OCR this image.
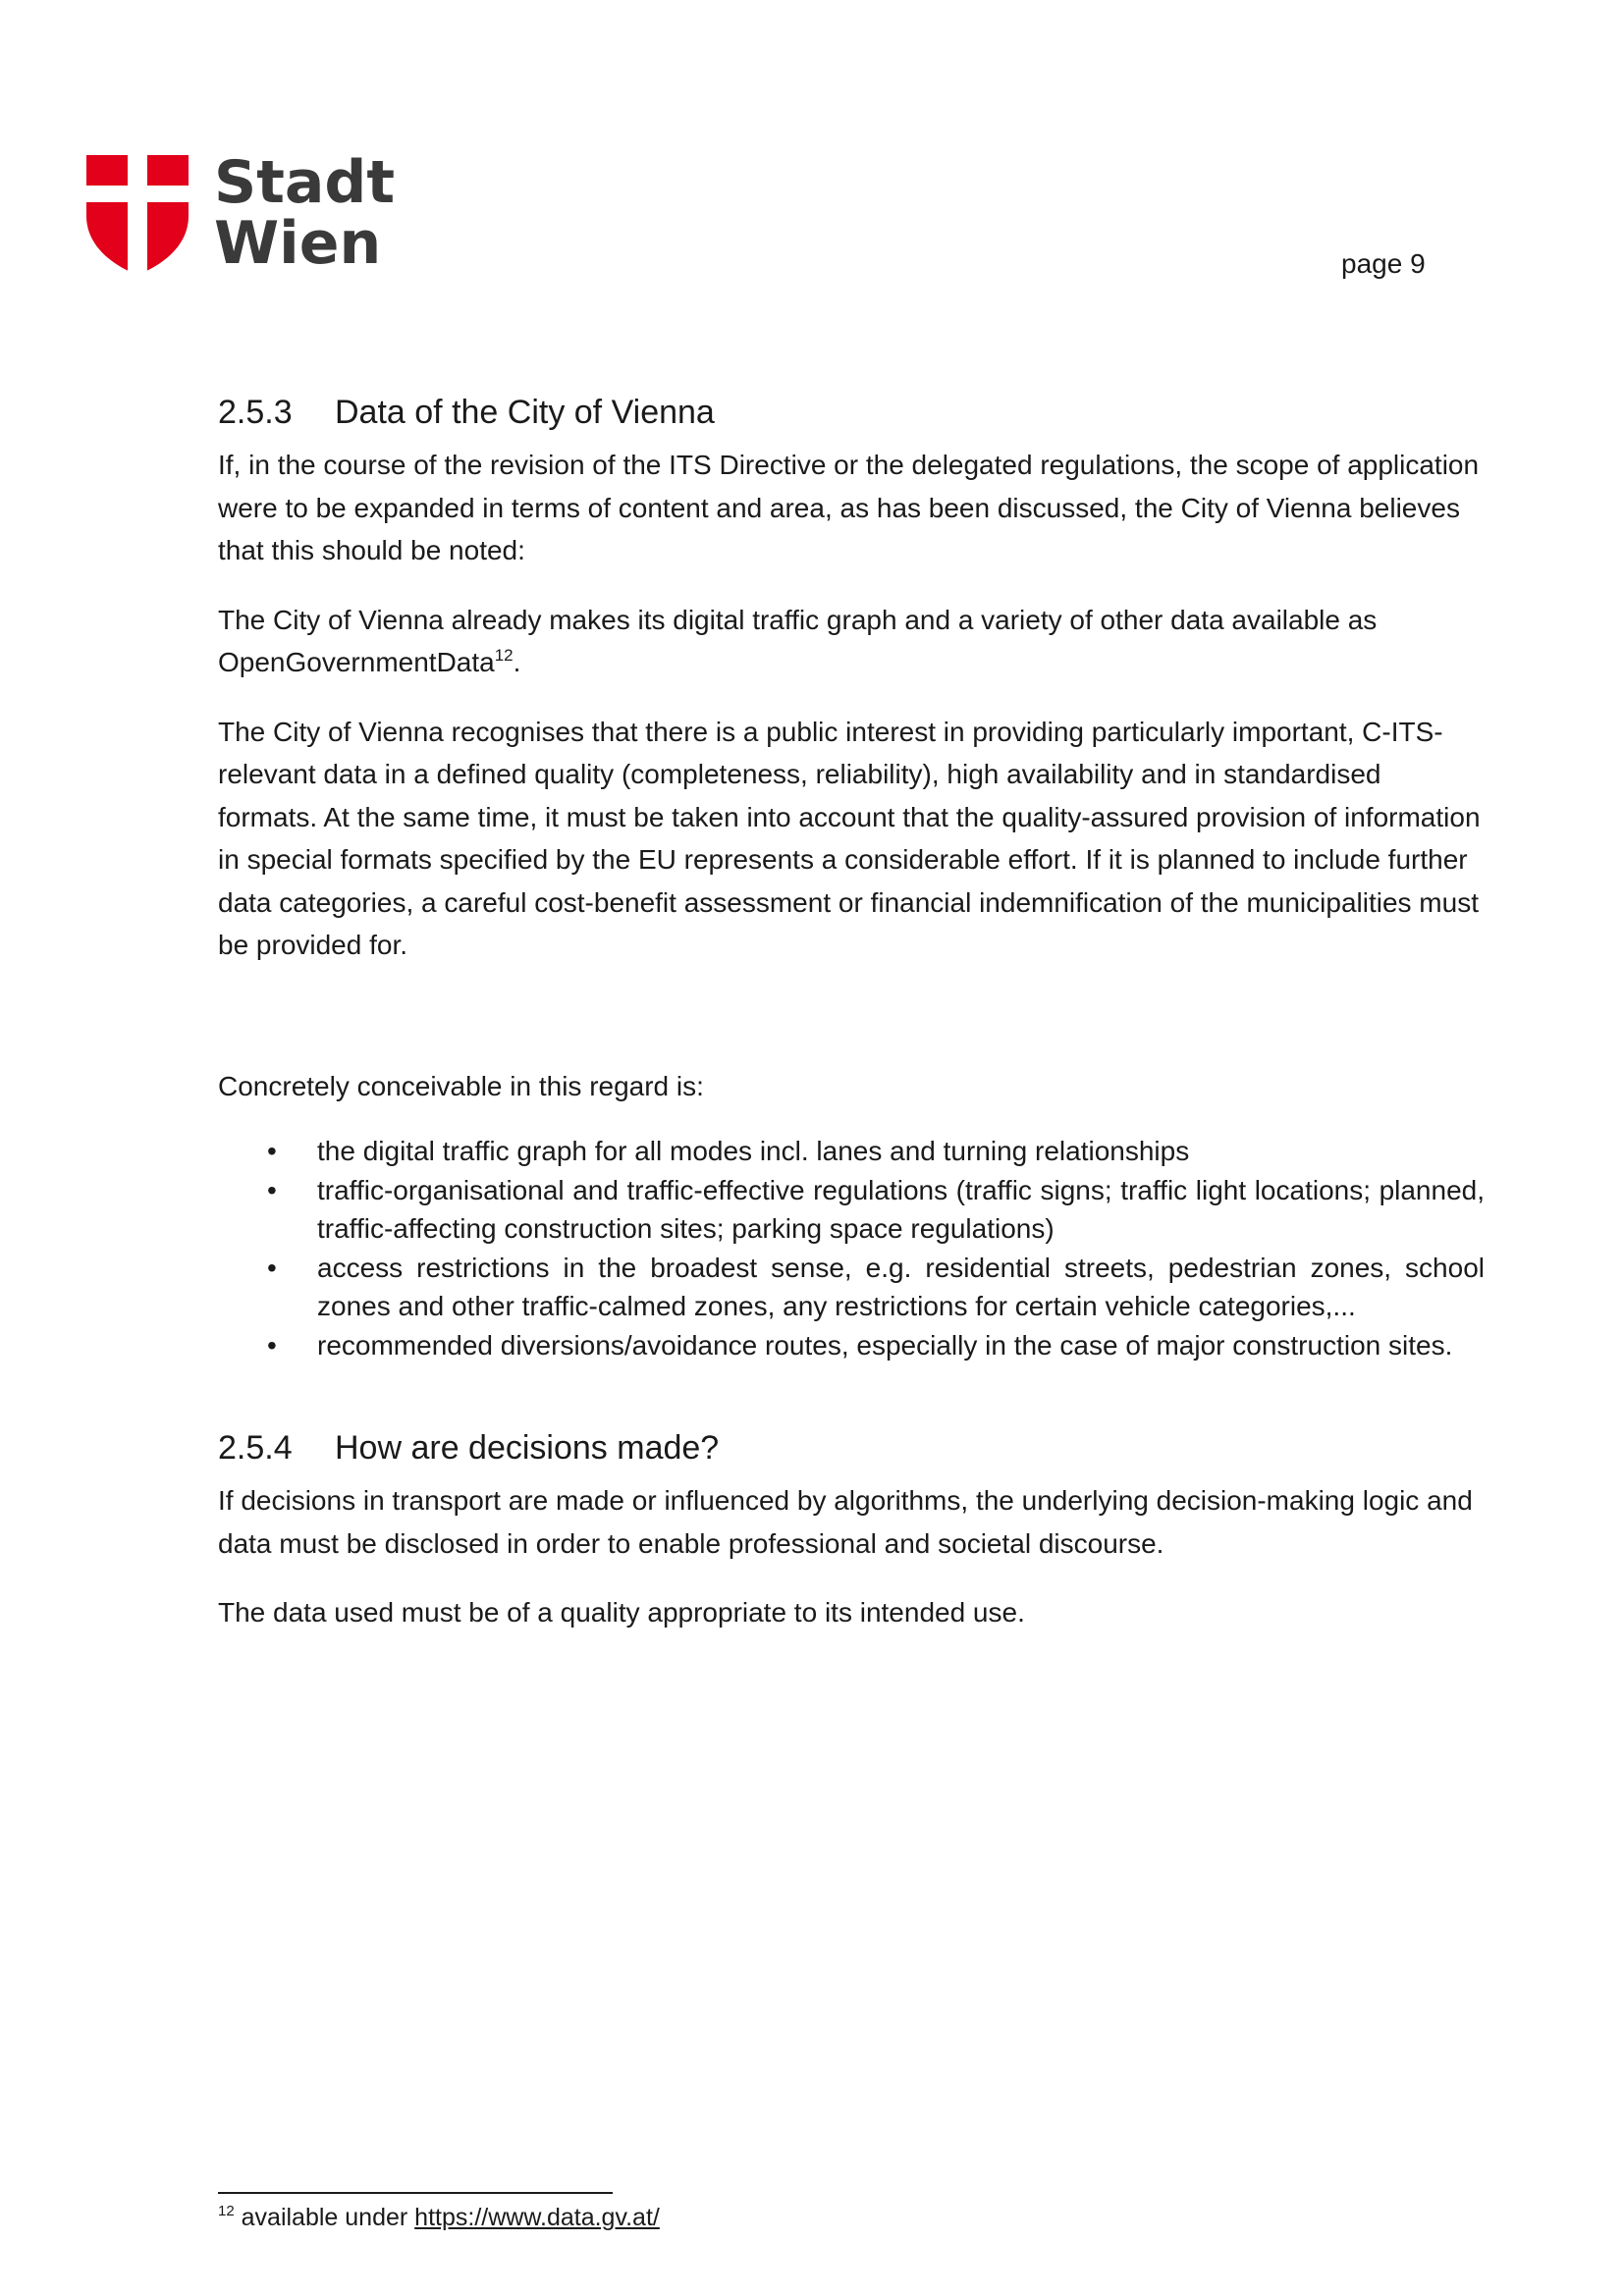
Stadt
Wien	page 9
2.5.3	Data of the City of Vienna

If, in the course of the revision of the ITS Directive or the delegated regulations, the scope of application were to be expanded in terms of content and area, as has been discussed, the City of Vienna believes that this should be noted:

The City of Vienna already makes its digital traffic graph and a variety of other data available as OpenGovernmentData$^{12}$.

The City of Vienna recognises that there is a public interest in providing particularly important, C-ITS-relevant data in a defined quality (completeness, reliability), high availability and in standardised formats. At the same time, it must be taken into account that the quality-assured provision of information in special formats specified by the EU represents a considerable effort. If it is planned to include further data categories, a careful cost-benefit assessment or financial indemnification of the municipalities must be provided for.

Concretely conceivable in this regard is:

• the digital traffic graph for all modes incl. lanes and turning relationships
• traffic-organisational and traffic-effective regulations (traffic signs; traffic light locations; planned, traffic-affecting construction sites; parking space regulations)
• access restrictions in the broadest sense, e.g. residential streets, pedestrian zones, school zones and other traffic-calmed zones, any restrictions for certain vehicle categories,...
• recommended diversions/avoidance routes, especially in the case of major construction sites.
2.5.4	How are decisions made?

If decisions in transport are made or influenced by algorithms, the underlying decision-making logic and data must be disclosed in order to enable professional and societal discourse.

The data used must be of a quality appropriate to its intended use.

$^{12}$ available under https://www.data.gv.at/
